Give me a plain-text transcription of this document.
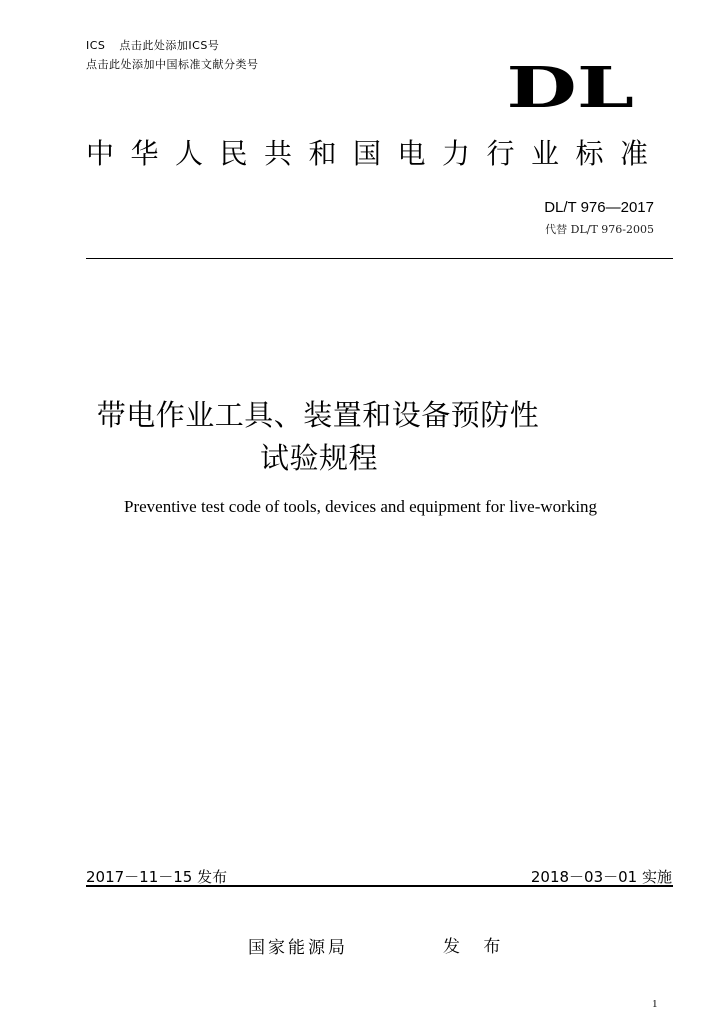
ICS 点击此处添加ICS号
点击此处添加中国标准文献分类号	DL
中华人民共和国电力行业标准
DL/T 976—2017
代替 DL/T 976-2005
带电作业工具、装置和设备预防性
试验规程
Preventive test code of tools, devices and equipment for live-working
2017－11－15 发布	2018－03－01 实施
国家能源局	发 布
1
